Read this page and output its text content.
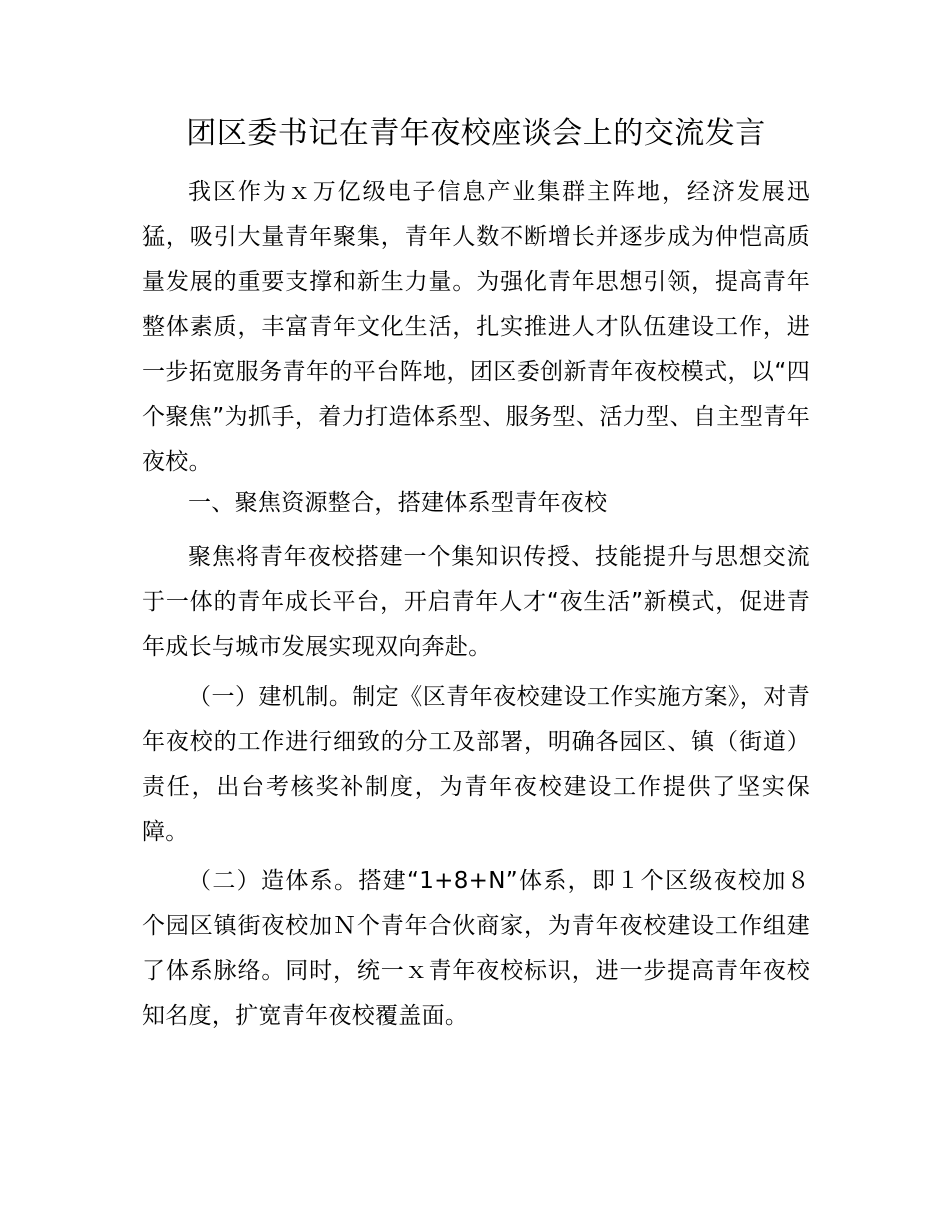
团区委书记在青年夜校座谈会上的交流发言

我区作为ｘ万亿级电子信息产业集群主阵地，经济发展迅猛，吸引大量青年聚集，青年人数不断增长并逐步成为仲恺高质量发展的重要支撑和新生力量。为强化青年思想引领，提高青年整体素质，丰富青年文化生活，扎实推进人才队伍建设工作，进一步拓宽服务青年的平台阵地，团区委创新青年夜校模式，以“四个聚焦”为抓手，着力打造体系型、服务型、活力型、自主型青年夜校。

一、聚焦资源整合，搭建体系型青年夜校

聚焦将青年夜校搭建一个集知识传授、技能提升与思想交流于一体的青年成长平台，开启青年人才“夜生活”新模式，促进青年成长与城市发展实现双向奔赴。

（一）建机制。制定《区青年夜校建设工作实施方案》，对青年夜校的工作进行细致的分工及部署，明确各园区、镇（街道）责任，出台考核奖补制度，为青年夜校建设工作提供了坚实保障。

（二）造体系。搭建“1+8+N”体系，即１个区级夜校加８个园区镇街夜校加Ｎ个青年合伙商家，为青年夜校建设工作组建了体系脉络。同时，统一ｘ青年夜校标识，进一步提高青年夜校知名度，扩宽青年夜校覆盖面。
